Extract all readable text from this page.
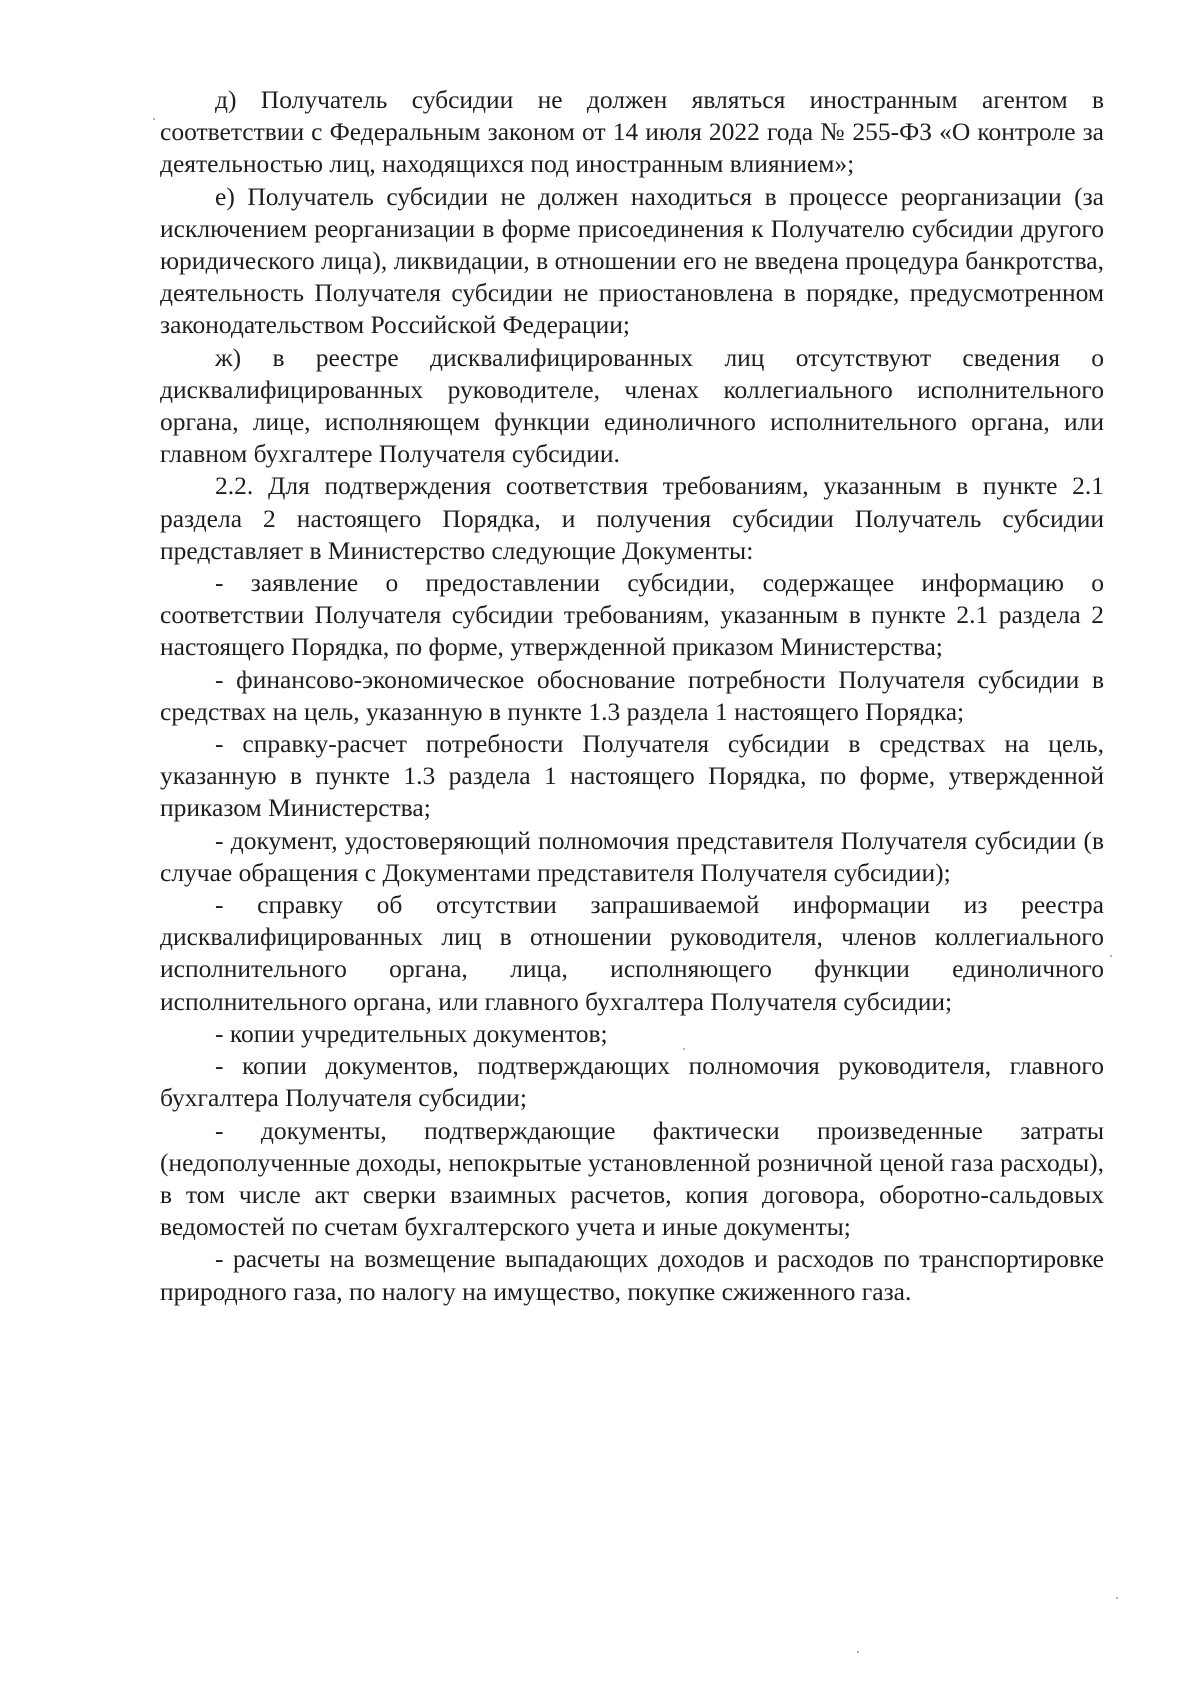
д) Получатель субсидии не должен являться иностранным агентом в соответствии с Федеральным законом от 14 июля 2022 года № 255-ФЗ «О контроле за деятельностью лиц, находящихся под иностранным влиянием»;

е) Получатель субсидии не должен находиться в процессе реорганизации (за исключением реорганизации в форме присоединения к Получателю субсидии другого юридического лица), ликвидации, в отношении его не введена процедура банкротства, деятельность Получателя субсидии не приостановлена в порядке, предусмотренном законодательством Российской Федерации;

ж) в реестре дисквалифицированных лиц отсутствуют сведения о дисквалифицированных руководителе, членах коллегиального исполнительного органа, лице, исполняющем функции единоличного исполнительного органа, или главном бухгалтере Получателя субсидии.

2.2. Для подтверждения соответствия требованиям, указанным в пункте 2.1 раздела 2 настоящего Порядка, и получения субсидии Получатель субсидии представляет в Министерство следующие Документы:

- заявление о предоставлении субсидии, содержащее информацию о соответствии Получателя субсидии требованиям, указанным в пункте 2.1 раздела 2 настоящего Порядка, по форме, утвержденной приказом Министерства;

- финансово-экономическое обоснование потребности Получателя субсидии в средствах на цель, указанную в пункте 1.3 раздела 1 настоящего Порядка;

- справку-расчет потребности Получателя субсидии в средствах на цель, указанную в пункте 1.3 раздела 1 настоящего Порядка, по форме, утвержденной приказом Министерства;

- документ, удостоверяющий полномочия представителя Получателя субсидии (в случае обращения с Документами представителя Получателя субсидии);

- справку об отсутствии запрашиваемой информации из реестра дисквалифицированных лиц в отношении руководителя, членов коллегиального исполнительного органа, лица, исполняющего функции единоличного исполнительного органа, или главного бухгалтера Получателя субсидии;

- копии учредительных документов;

- копии документов, подтверждающих полномочия руководителя, главного бухгалтера Получателя субсидии;

- документы, подтверждающие фактически произведенные затраты (недополученные доходы, непокрытые установленной розничной ценой газа расходы), в том числе акт сверки взаимных расчетов, копия договора, оборотно-сальдовых ведомостей по счетам бухгалтерского учета и иные документы;

- расчеты на возмещение выпадающих доходов и расходов по транспортировке природного газа, по налогу на имущество, покупке сжиженного газа.
